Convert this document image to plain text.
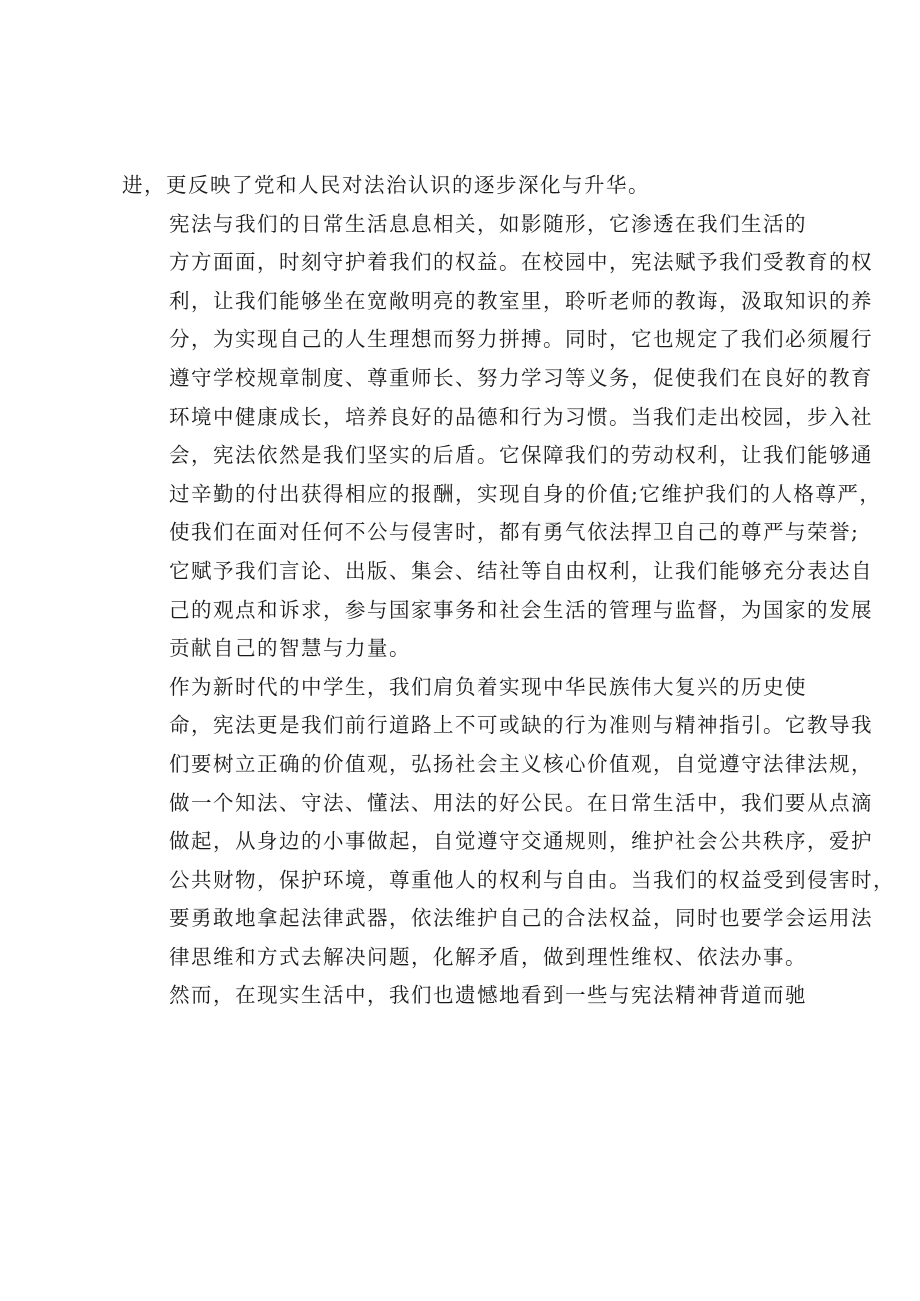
进，更反映了党和人民对法治认识的逐步深化与升华。

宪法与我们的日常生活息息相关，如影随形，它渗透在我们生活的
方方面面，时刻守护着我们的权益。在校园中，宪法赋予我们受教育的权
利，让我们能够坐在宽敞明亮的教室里，聆听老师的教诲，汲取知识的养
分，为实现自己的人生理想而努力拼搏。同时，它也规定了我们必须履行
遵守学校规章制度、尊重师长、努力学习等义务，促使我们在良好的教育
环境中健康成长，培养良好的品德和行为习惯。当我们走出校园，步入社
会，宪法依然是我们坚实的后盾。它保障我们的劳动权利，让我们能够通
过辛勤的付出获得相应的报酬，实现自身的价值;它维护我们的人格尊严，
使我们在面对任何不公与侵害时，都有勇气依法捍卫自己的尊严与荣誉;
它赋予我们言论、出版、集会、结社等自由权利，让我们能够充分表达自
己的观点和诉求，参与国家事务和社会生活的管理与监督，为国家的发展
贡献自己的智慧与力量。

作为新时代的中学生，我们肩负着实现中华民族伟大复兴的历史使
命，宪法更是我们前行道路上不可或缺的行为准则与精神指引。它教导我
们要树立正确的价值观，弘扬社会主义核心价值观，自觉遵守法律法规，
做一个知法、守法、懂法、用法的好公民。在日常生活中，我们要从点滴
做起，从身边的小事做起，自觉遵守交通规则，维护社会公共秩序，爱护
公共财物，保护环境，尊重他人的权利与自由。当我们的权益受到侵害时，
要勇敢地拿起法律武器，依法维护自己的合法权益，同时也要学会运用法
律思维和方式去解决问题，化解矛盾，做到理性维权、依法办事。

然而，在现实生活中，我们也遗憾地看到一些与宪法精神背道而驰
